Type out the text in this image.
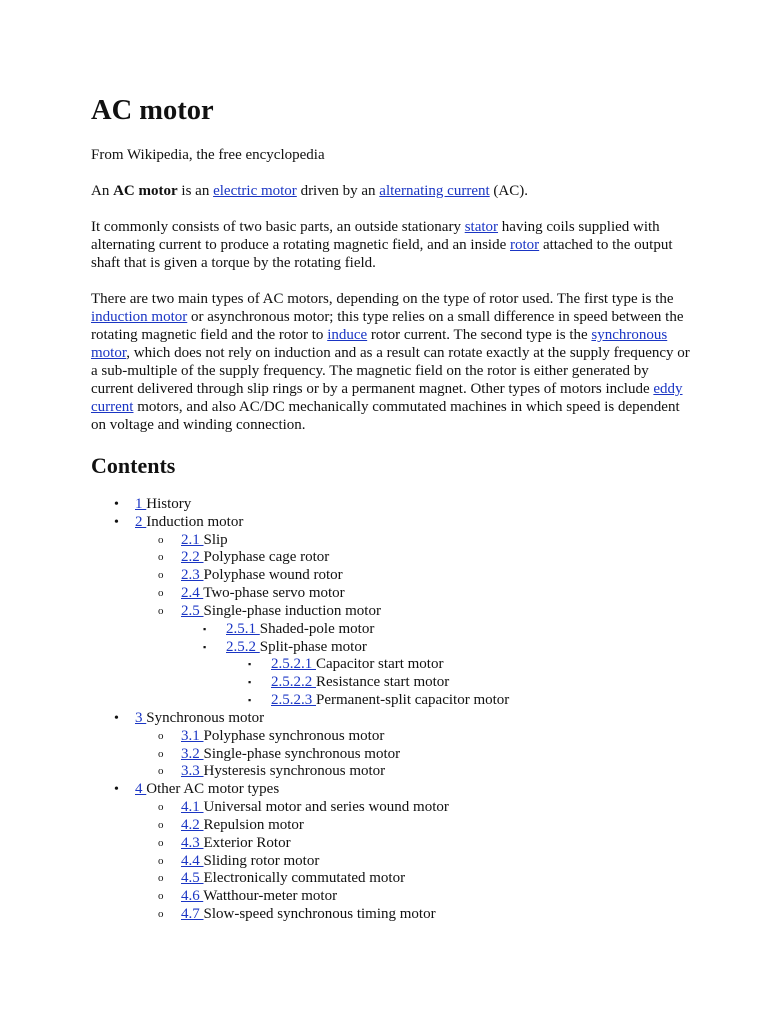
AC motor
From Wikipedia, the free encyclopedia

An AC motor is an electric motor driven by an alternating current (AC).

It commonly consists of two basic parts, an outside stationary stator having coils supplied with alternating current to produce a rotating magnetic field, and an inside rotor attached to the output shaft that is given a torque by the rotating field.

There are two main types of AC motors, depending on the type of rotor used. The first type is the induction motor or asynchronous motor; this type relies on a small difference in speed between the rotating magnetic field and the rotor to induce rotor current. The second type is the synchronous motor, which does not rely on induction and as a result can rotate exactly at the supply frequency or a sub-multiple of the supply frequency. The magnetic field on the rotor is either generated by current delivered through slip rings or by a permanent magnet. Other types of motors include eddy current motors, and also AC/DC mechanically commutated machines in which speed is dependent on voltage and winding connection.

Contents
• 1 History
• 2 Induction motor
o 2.1 Slip
o 2.2 Polyphase cage rotor
o 2.3 Polyphase wound rotor
o 2.4 Two-phase servo motor
o 2.5 Single-phase induction motor
▪ 2.5.1 Shaded-pole motor
▪ 2.5.2 Split-phase motor
▪ 2.5.2.1 Capacitor start motor
▪ 2.5.2.2 Resistance start motor
▪ 2.5.2.3 Permanent-split capacitor motor
• 3 Synchronous motor
o 3.1 Polyphase synchronous motor
o 3.2 Single-phase synchronous motor
o 3.3 Hysteresis synchronous motor
• 4 Other AC motor types
o 4.1 Universal motor and series wound motor
o 4.2 Repulsion motor
o 4.3 Exterior Rotor
o 4.4 Sliding rotor motor
o 4.5 Electronically commutated motor
o 4.6 Watthour-meter motor
o 4.7 Slow-speed synchronous timing motor
